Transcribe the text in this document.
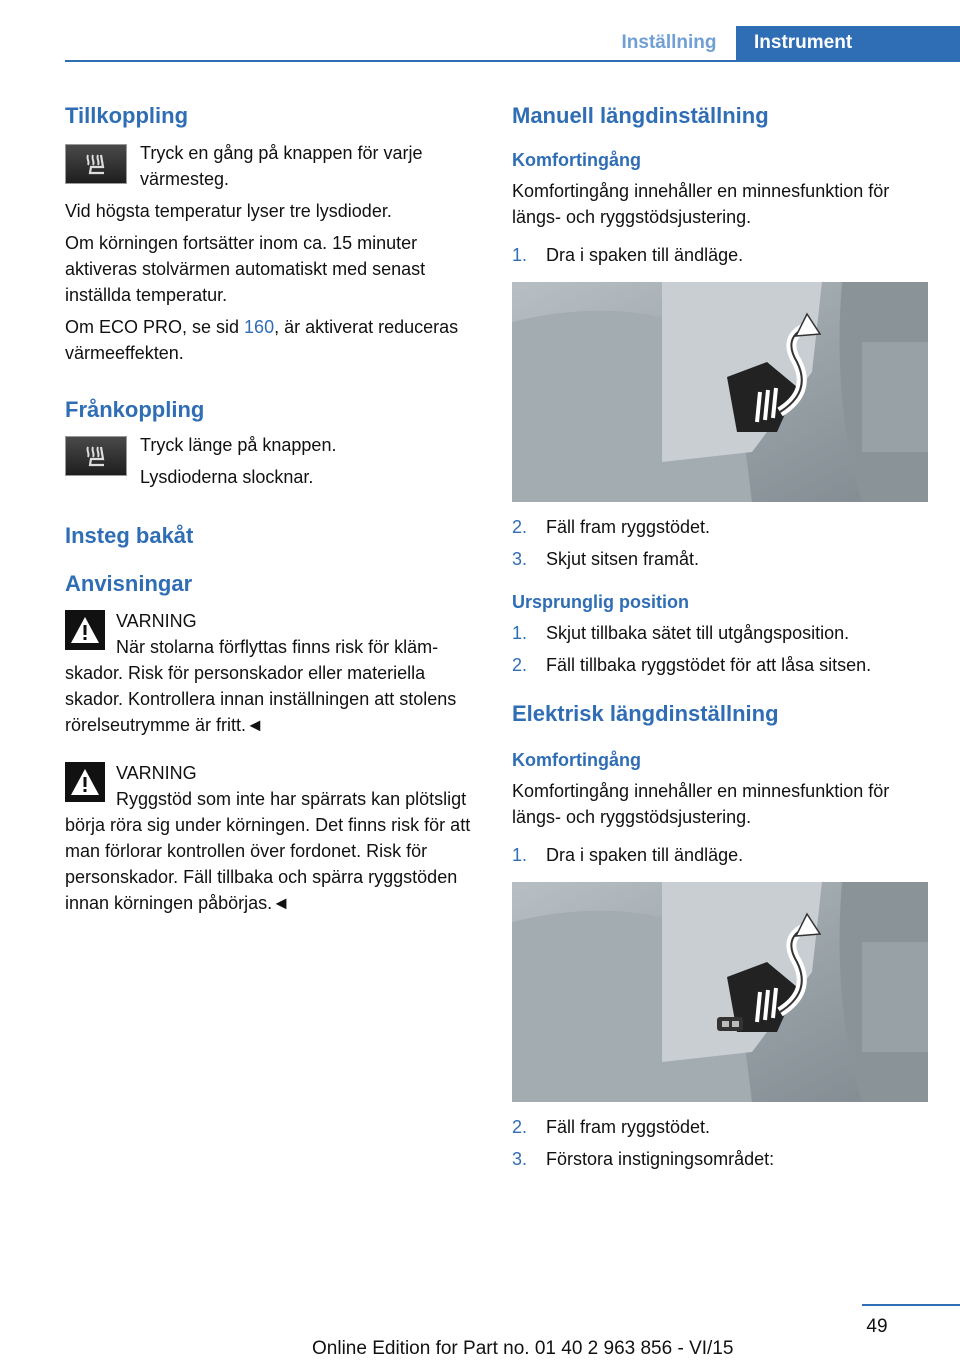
Inställning	Instrument
Tillkoppling

Tryck en gång på knappen för varje värmesteg.

Vid högsta temperatur lyser tre lysdioder.

Om körningen fortsätter inom ca. 15 minuter aktiveras stolvärmen automatiskt med senast inställda temperatur.

Om ECO PRO, se sid 160, är aktiverat reduceras värmeeffekten.

Frånkoppling

Tryck länge på knappen.

Lysdioderna slocknar.

Insteg bakåt
Anvisningar

VARNING

När stolarna förflyttas finns risk för klämskador. Risk för personskador eller materiella skador. Kontrollera innan inställningen att stolens rörelseutrymme är fritt.◄

VARNING

Ryggstöd som inte har spärrats kan plötsligt börja röra sig under körningen. Det finns risk för att man förlorar kontrollen över fordonet. Risk för personskador. Fäll tillbaka och spärra ryggstöden innan körningen påbörjas.◄

Manuell längdinställning
Komfortingång

Komfortingång innehåller en minnesfunktion för längs- och ryggstödsjustering.

1.	Dra i spaken till ändläge.
2.	Fäll fram ryggstödet.
3.	Skjut sitsen framåt.
Ursprunglig position
1.	Skjut tillbaka sätet till utgångsposition.
2.	Fäll tillbaka ryggstödet för att låsa sitsen.
Elektrisk längdinställning
Komfortingång

Komfortingång innehåller en minnesfunktion för längs- och ryggstödsjustering.

1.	Dra i spaken till ändläge.
2.	Fäll fram ryggstödet.
3.	Förstora instigningsområdet:
49
Online Edition for Part no. 01 40 2 963 856 - VI/15
